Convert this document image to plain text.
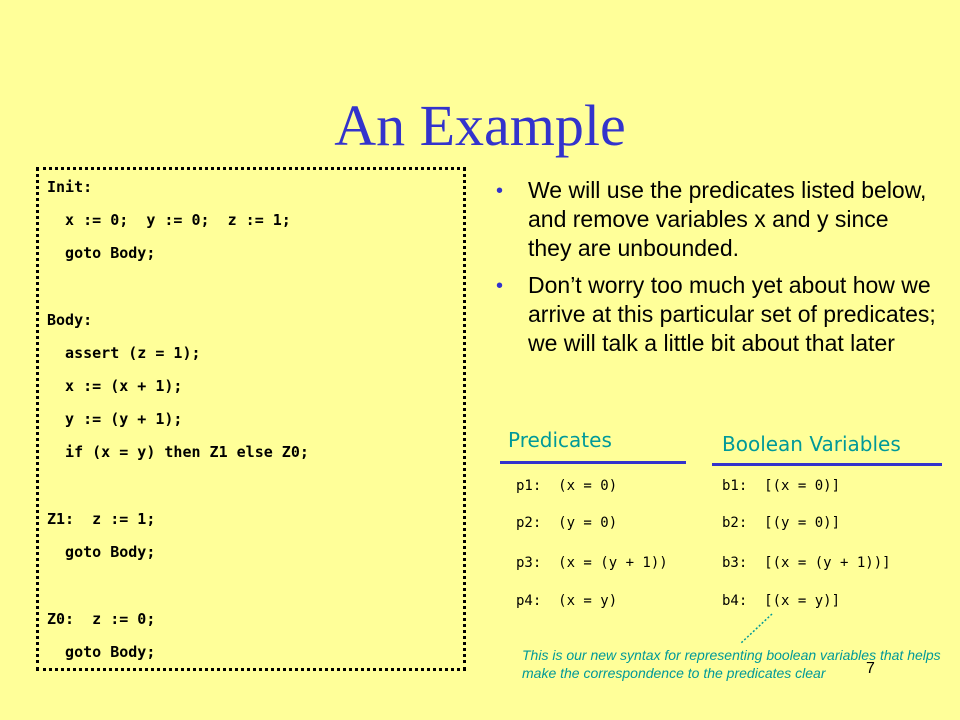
An Example
Init:
x := 0;  y := 0;  z := 1;
goto Body;
Body:
assert (z = 1);
x := (x + 1);
y := (y + 1);
if (x = y) then Z1 else Z0;
Z1:  z := 1;
goto Body;
Z0:  z := 0;
goto Body;
• We will use the predicates listed below, and remove variables x and y since they are unbounded.
• Don’t worry too much yet about how we arrive at this particular set of predicates; we will talk a little bit about that later
Predicates	Boolean Variables
p1:  (x = 0)
p2:  (y = 0)
p3:  (x = (y + 1))
p4:  (x = y)
b1:  [(x = 0)]
b2:  [(y = 0)]
b3:  [(x = (y + 1))]
b4:  [(x = y)]
This is our new syntax for representing boolean variables that helps make the correspondence to the predicates clear	7
